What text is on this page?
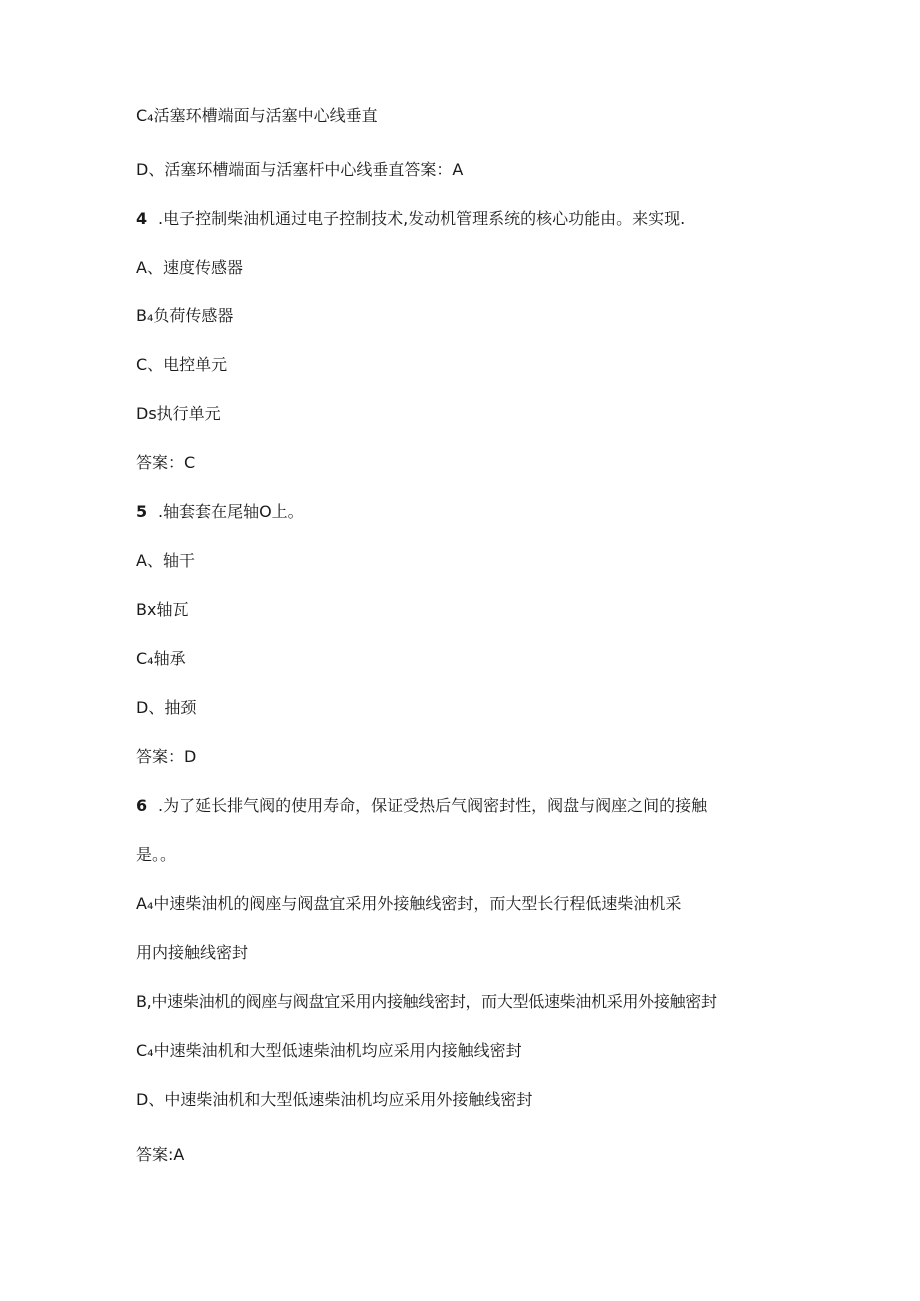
C₄活塞环槽端面与活塞中心线垂直
D、活塞环槽端面与活塞杆中心线垂直答案：A
4 .电子控制柴油机通过电子控制技术,发动机管理系统的核心功能由。来实现.
A、速度传感器
B₄负荷传感器
C、电控单元
Ds执行单元
答案：C
5 .轴套套在尾轴O上。
A、轴干
Bx轴瓦
C₄轴承
D、抽颈
答案：D
6 .为了延长排气阀的使用寿命，保证受热后气阀密封性，阀盘与阀座之间的接触
是。。
A₄中速柴油机的阀座与阀盘宜采用外接触线密封，而大型长行程低速柴油机采
用内接触线密封
B,中速柴油机的阀座与阀盘宜采用内接触线密封，而大型低速柴油机采用外接触密封
C₄中速柴油机和大型低速柴油机均应采用内接触线密封
D、中速柴油机和大型低速柴油机均应采用外接触线密封
答案:A
